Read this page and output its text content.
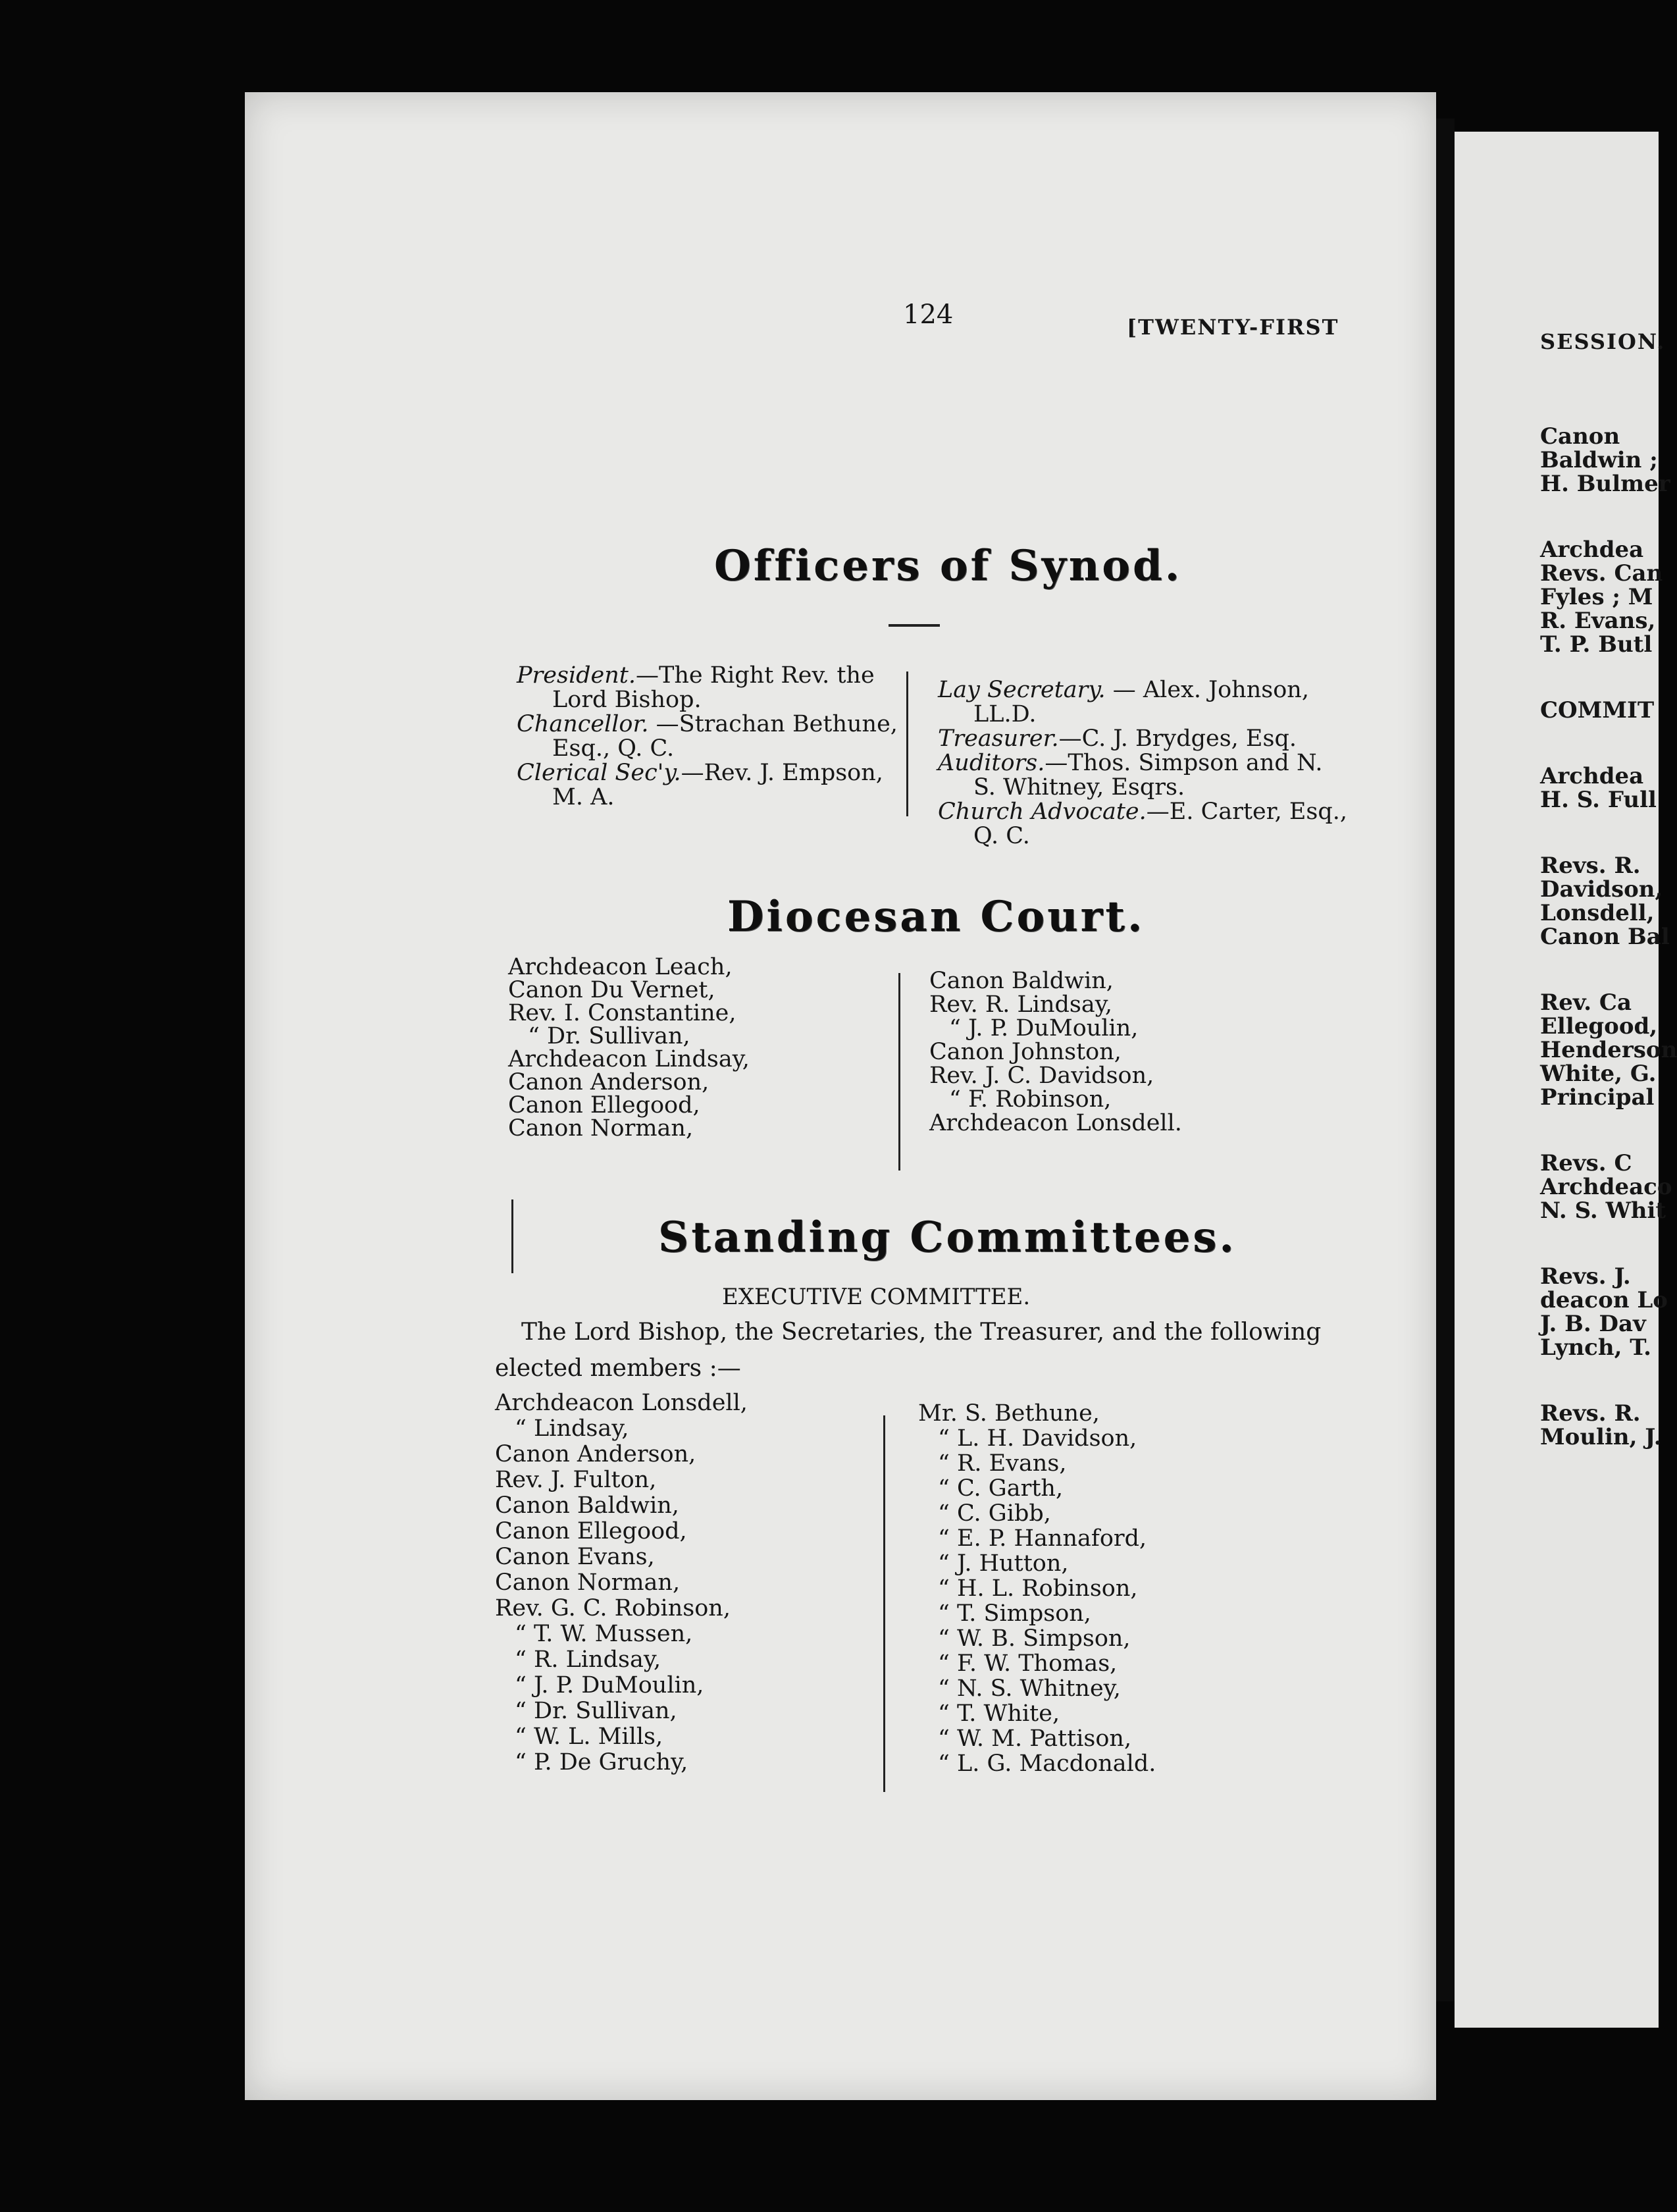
SESSION.
Canon
Baldwin ;
H. Bulmer
Archdea
Revs. Can
Fyles ; M
R. Evans,
T. P. Butl
COMMIT
Archdea
H. S. Full
Revs. R.
Davidson,
Lonsdell,
Canon Bal
Rev. Ca
Ellegood,
Henderson
White, G.
Principal
Revs. C
Archdeaco
N. S. Whit
Revs. J.
deacon Lo
J. B. Dav
Lynch, T.
Revs. R.
Moulin, J.
124	[TWENTY-FIRST
Officers of Synod.
President.—The Right Rev. the
Lord Bishop.
Chancellor. —Strachan Bethune,
Esq., Q. C.
Clerical Sec'y.—Rev. J. Empson,
M. A.
Lay Secretary. — Alex. Johnson,
LL.D.
Treasurer.—C. J. Brydges, Esq.
Auditors.—Thos. Simpson and N.
S. Whitney, Esqrs.
Church Advocate.—E. Carter, Esq.,
Q. C.
Diocesan Court.
Archdeacon Leach,
Canon Du Vernet,
Rev. I. Constantine,
“ Dr. Sullivan,
Archdeacon Lindsay,
Canon Anderson,
Canon Ellegood,
Canon Norman,
Canon Baldwin,
Rev. R. Lindsay,
“ J. P. DuMoulin,
Canon Johnston,
Rev. J. C. Davidson,
“ F. Robinson,
Archdeacon Lonsdell.
Standing Committees.
EXECUTIVE COMMITTEE.
The Lord Bishop, the Secretaries, the Treasurer, and the following
elected members :—
Archdeacon Lonsdell,
“ Lindsay,
Canon Anderson,
Rev. J. Fulton,
Canon Baldwin,
Canon Ellegood,
Canon Evans,
Canon Norman,
Rev. G. C. Robinson,
“ T. W. Mussen,
“ R. Lindsay,
“ J. P. DuMoulin,
“ Dr. Sullivan,
“ W. L. Mills,
“ P. De Gruchy,
Mr. S. Bethune,
“ L. H. Davidson,
“ R. Evans,
“ C. Garth,
“ C. Gibb,
“ E. P. Hannaford,
“ J. Hutton,
“ H. L. Robinson,
“ T. Simpson,
“ W. B. Simpson,
“ F. W. Thomas,
“ N. S. Whitney,
“ T. White,
“ W. M. Pattison,
“ L. G. Macdonald.
